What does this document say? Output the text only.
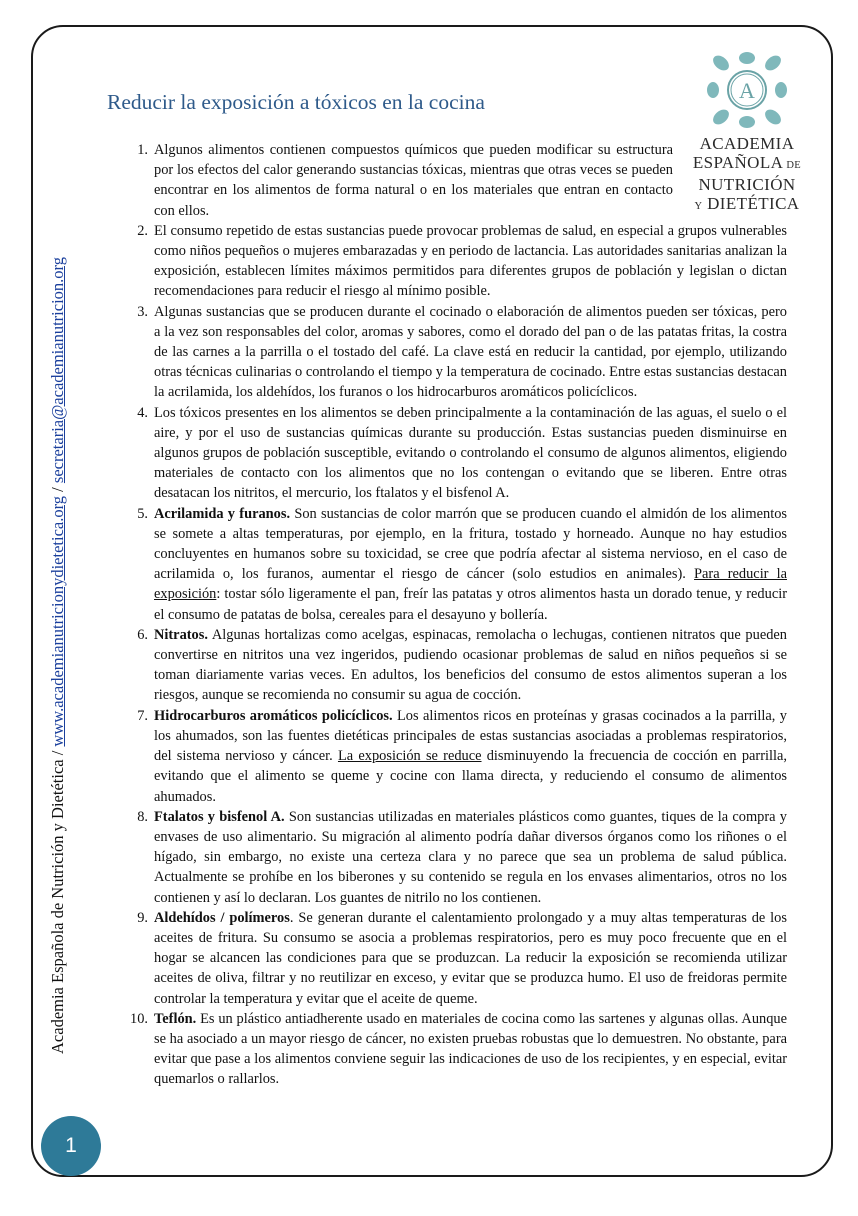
Academia Española de Nutrición y Dietética / www.academianutricionydietetica.org / secretaria@academianutricion.org
Reducir la exposición a tóxicos en la cocina	A
ACADEMIA
ESPAÑOLA DE
NUTRICIÓN
Y DIETÉTICA
1. Algunos alimentos contienen compuestos químicos que pueden modificar su estructura por los efectos del calor generando sustancias tóxicas, mientras que otras veces se pueden encontrar en los alimentos de forma natural o en los materiales que entran en contacto con ellos.
2. El consumo repetido de estas sustancias puede provocar problemas de salud, en especial a grupos vulnerables como niños pequeños o mujeres embarazadas y en periodo de lactancia. Las autoridades sanitarias analizan la exposición, establecen límites máximos permitidos para diferentes grupos de población y legislan o dictan recomendaciones para reducir el riesgo al mínimo posible.
3. Algunas sustancias que se producen durante el cocinado o elaboración de alimentos pueden ser tóxicas, pero a la vez son responsables del color, aromas y sabores, como el dorado del pan o de las patatas fritas, la costra de las carnes a la parrilla o el tostado del café. La clave está en reducir la cantidad, por ejemplo, utilizando otras técnicas culinarias o controlando el tiempo y la temperatura de cocinado. Entre estas sustancias destacan la acrilamida, los aldehídos, los furanos o los hidrocarburos aromáticos policíclicos.
4. Los tóxicos presentes en los alimentos se deben principalmente a la contaminación de las aguas, el suelo o el aire, y por el uso de sustancias químicas durante su producción. Estas sustancias pueden disminuirse en algunos grupos de población susceptible, evitando o controlando el consumo de algunos alimentos, eligiendo materiales de contacto con los alimentos que no los contengan o evitando que se liberen. Entre otras desatacan los nitritos, el mercurio, los ftalatos y el bisfenol A.
5. Acrilamida y furanos. Son sustancias de color marrón que se producen cuando el almidón de los alimentos se somete a altas temperaturas, por ejemplo, en la fritura, tostado y horneado. Aunque no hay estudios concluyentes en humanos sobre su toxicidad, se cree que podría afectar al sistema nervioso, en el caso de acrilamida o, los furanos, aumentar el riesgo de cáncer (solo estudios en animales). Para reducir la exposición: tostar sólo ligeramente el pan, freír las patatas y otros alimentos hasta un dorado tenue, y reducir el consumo de patatas de bolsa, cereales para el desayuno y bollería.
6. Nitratos. Algunas hortalizas como acelgas, espinacas, remolacha o lechugas, contienen nitratos que pueden convertirse en nitritos una vez ingeridos, pudiendo ocasionar problemas de salud en niños pequeños si se toman diariamente varias veces. En adultos, los beneficios del consumo de estos alimentos superan a los riesgos, aunque se recomienda no consumir su agua de cocción.
7. Hidrocarburos aromáticos policíclicos. Los alimentos ricos en proteínas y grasas cocinados a la parrilla, y los ahumados, son las fuentes dietéticas principales de estas sustancias asociadas a problemas respiratorios, del sistema nervioso y cáncer. La exposición se reduce disminuyendo la frecuencia de cocción en parrilla, evitando que el alimento se queme y cocine con llama directa, y reduciendo el consumo de alimentos ahumados.
8. Ftalatos y bisfenol A. Son sustancias utilizadas en materiales plásticos como guantes, tiques de la compra y envases de uso alimentario. Su migración al alimento podría dañar diversos órganos como los riñones o el hígado, sin embargo, no existe una certeza clara y no parece que sea un problema de salud pública. Actualmente se prohíbe en los biberones y su contenido se regula en los envases alimentarios, otros no los contienen y así lo declaran. Los guantes de nitrilo no los contienen.
9. Aldehídos / polímeros. Se generan durante el calentamiento prolongado y a muy altas temperaturas de los aceites de fritura. Su consumo se asocia a problemas respiratorios, pero es muy poco frecuente que en el hogar se alcancen las condiciones para que se produzcan. La reducir la exposición se recomienda utilizar aceites de oliva, filtrar y no reutilizar en exceso, y evitar que se produzca humo. El uso de freidoras permite controlar la temperatura y evitar que el aceite de queme.
10. Teflón. Es un plástico antiadherente usado en materiales de cocina como las sartenes y algunas ollas. Aunque se ha asociado a un mayor riesgo de cáncer, no existen pruebas robustas que lo demuestren. No obstante, para evitar que pase a los alimentos conviene seguir las indicaciones de uso de los recipientes, y en especial, evitar quemarlos o rallarlos.
1
